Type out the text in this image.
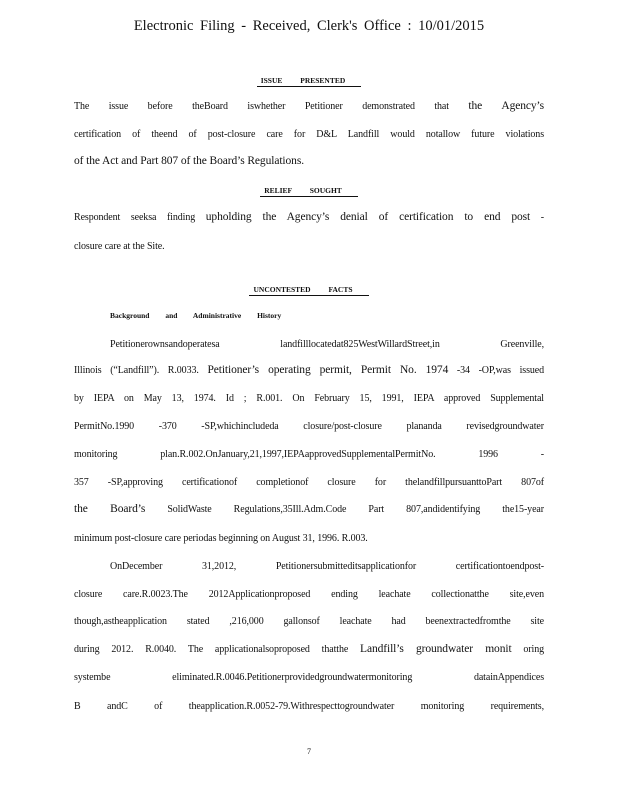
Electronic Filing - Received, Clerk's Office : 10/01/2015
ISSUE PRESENTED
The issue before theBoard iswhether Petitioner demonstrated that the Agency’s
certification of theend of post-closure care for D&L Landfill would notallow future violations
of the Act and Part 807 of the Board’s Regulations.
RELIEF SOUGHT
Respondent seeksa finding upholding the Agency’s denial of certification to end post -
closure care at the Site.
UNCONTESTED FACTS
Background and Administrative History
Petitionerownsandoperatesa landfilllocatedat825WestWillardStreet,in Greenville,
Illinois (“Landfill”). R.0033. Petitioner’s operating permit, Permit No. 1974 -34 -OP,was issued
by IEPA on May 13, 1974. Id ; R.001. On February 15, 1991, IEPA approved Supplemental
PermitNo.1990 -370 -SP,whichincludeda closure/post-closure plananda revisedgroundwater
monitoring plan.R.002.OnJanuary,21,1997,IEPAapprovedSupplementalPermitNo. 1996 -
357 -SP,approving certificationof completionof closure for thelandfillpursuanttoPart 807of
the Board’s SolidWaste Regulations,35Ill.Adm.Code Part 807,andidentifying the15-year
minimum post-closure care periodas beginning on August 31, 1996. R.003.
OnDecember 31,2012, Petitionersubmitteditsapplicationfor certificationtoendpost-
closure care.R.0023.The 2012Applicationproposed ending leachate collectionatthe site,even
though,astheapplication stated ,216,000 gallonsof leachate had beenextractedfromthe site
during 2012. R.0040. The applicationalsoproposed thatthe Landfill’s groundwater monit oring
systembe eliminated.R.0046.Petitionerprovidedgroundwatermonitoring datainAppendices
B andC of theapplication.R.0052-79.Withrespecttogroundwater monitoring requirements,
7
